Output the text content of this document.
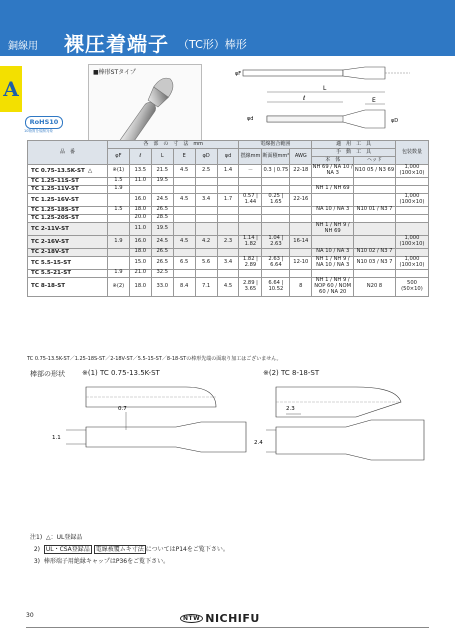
銅線用 裸圧着端子 （TC形）棒形
A
■棒形STタイプ	φF
L
ℓ	E
φd	φD
RoHS10
10物質を規制対象
品　番	各　部　の　寸　法　mm						電線抱合範囲			適　用　工　具		包装数量
	φF	ℓ	L	E	φD	φd	撚線mm	断面積mm²	AWG	手　動　工　具		
										本　体	ヘッド	
TC 0.75-13.5K-ST △	※(1)	13.5	21.5	4.5	2.5	1.4	－	0.3 | 0.75	22-18	NH 69 / NA 10 / NA 3	N10 05 / N3 69	1,000 (100×10)
TC 1.25-11S-ST	1.5	11.0	19.5									
TC 1.25-11V-ST	1.9									NH 1 / NH 69		
TC 1.25-16V-ST		16.0	24.5	4.5	3.4	1.7	0.57 | 1.44	0.25 | 1.65	22-16			1,000 (100×10)
TC 1.25-18S-ST	1.5	18.0	26.5							NA 10 / NA 3	N10 01 / N3 7	
TC 1.25-20S-ST		20.0	28.5									
TC 2-11V-ST		11.0	19.5							NH 1 / NH 9 / NH 69		
TC 2-16V-ST	1.9	16.0	24.5	4.5	4.2	2.3	1.14 | 1.82	1.04 | 2.63	16-14			1,000 (100×10)
TC 2-18V-ST		18.0	26.5							NA 10 / NA 3	N10 02 / N3 7	
TC 5.5-15-ST		15.0	26.5	6.5	5.6	3.4	1.82 | 2.89	2.63 | 6.64	12-10	NH 1 / NH 9 / NA 10 / NA 3	N10 03 / N3 7	1,000 (100×10)
TC 5.5-21-ST	1.9	21.0	32.5									
TC 8-18-ST	※(2)	18.0	33.0	8.4	7.1	4.5	2.89 | 3.65	6.64 | 10.52	8	NH 1 / NH 9 / NOP 60 / NOM 60 / NA 20	N20 8	500 (50×10)
TC 0.75-13.5K-ST／1.25-18S-ST／2-18V-ST／5.5-15-ST／8-18-STの棒形先端の面取り加工はございません。
棒部の形状 ※(1) TC 0.75-13.5K-ST	※(2) TC 8-18-ST
0.7
1.1
2.3
2.4
注1) △：UL登録品
2) UL・CSA登録品 電線被覆ムキ寸法 についてはP14をご覧下さい。
3) 棒形端子用絶縁キャップはP36をご覧下さい。
30	NTW NICHIFU
